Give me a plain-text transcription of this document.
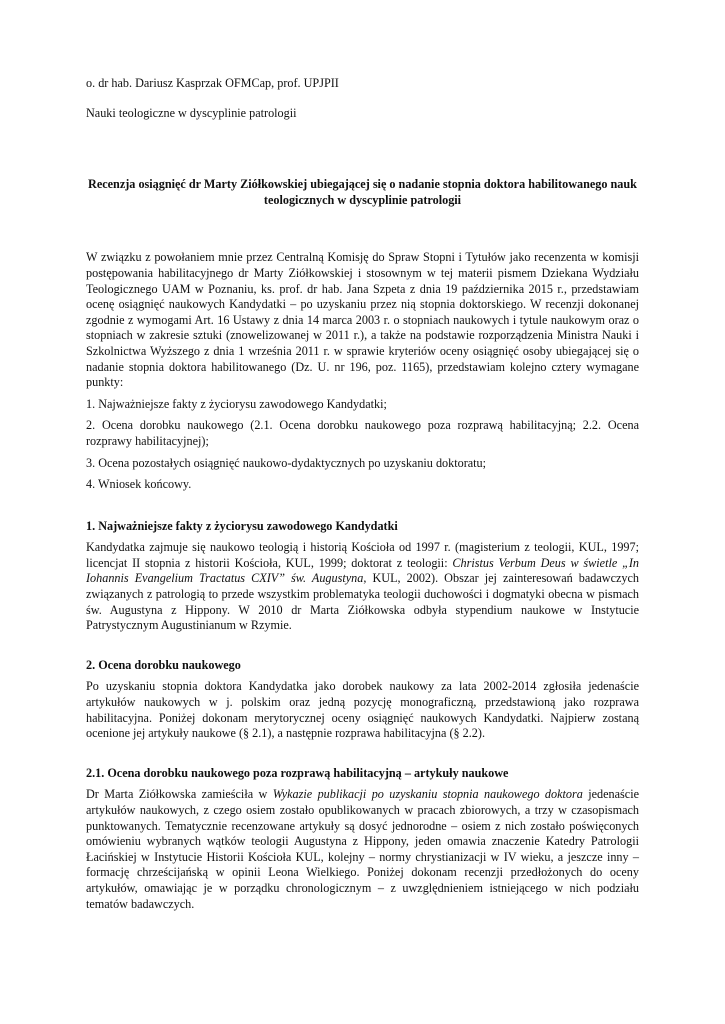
o. dr hab. Dariusz Kasprzak OFMCap, prof. UPJPII

Nauki teologiczne w dyscyplinie patrologii

Recenzja osiągnięć dr Marty Ziółkowskiej ubiegającej się o nadanie stopnia doktora habilitowanego nauk teologicznych w dyscyplinie patrologii

W związku z powołaniem mnie przez Centralną Komisję do Spraw Stopni i Tytułów jako recenzenta w komisji postępowania habilitacyjnego dr Marty Ziółkowskiej i stosownym w tej materii pismem Dziekana Wydziału Teologicznego UAM w Poznaniu, ks. prof. dr hab. Jana Szpeta z dnia 19 października 2015 r., przedstawiam ocenę osiągnięć naukowych Kandydatki – po uzyskaniu przez nią stopnia doktorskiego. W recenzji dokonanej zgodnie z wymogami Art. 16 Ustawy z dnia 14 marca 2003 r. o stopniach naukowych i tytule naukowym oraz o stopniach w zakresie sztuki (znowelizowanej w 2011 r.), a także na podstawie rozporządzenia Ministra Nauki i Szkolnictwa Wyższego z dnia 1 września 2011 r. w sprawie kryteriów oceny osiągnięć osoby ubiegającej się o nadanie stopnia doktora habilitowanego (Dz. U. nr 196, poz. 1165), przedstawiam kolejno cztery wymagane punkty:

1. Najważniejsze fakty z życiorysu zawodowego Kandydatki;

2. Ocena dorobku naukowego (2.1. Ocena dorobku naukowego poza rozprawą habilitacyjną; 2.2. Ocena rozprawy habilitacyjnej);

3. Ocena pozostałych osiągnięć naukowo-dydaktycznych po uzyskaniu doktoratu;

4. Wniosek końcowy.

1. Najważniejsze fakty z życiorysu zawodowego Kandydatki

Kandydatka zajmuje się naukowo teologią i historią Kościoła od 1997 r. (magisterium z teologii, KUL, 1997; licencjat II stopnia z historii Kościoła, KUL, 1999; doktorat z teologii: Christus Verbum Deus w świetle „In Iohannis Evangelium Tractatus CXIV” św. Augustyna, KUL, 2002). Obszar jej zainteresowań badawczych związanych z patrologią to przede wszystkim problematyka teologii duchowości i dogmatyki obecna w pismach św. Augustyna z Hippony. W 2010 dr Marta Ziółkowska odbyła stypendium naukowe w Instytucie Patrystycznym Augustinianum w Rzymie.

2. Ocena dorobku naukowego

Po uzyskaniu stopnia doktora Kandydatka jako dorobek naukowy za lata 2002-2014 zgłosiła jedenaście artykułów naukowych w j. polskim oraz jedną pozycję monograficzną, przedstawioną jako rozprawa habilitacyjna. Poniżej dokonam merytorycznej oceny osiągnięć naukowych Kandydatki. Najpierw zostaną ocenione jej artykuły naukowe (§ 2.1), a następnie rozprawa habilitacyjna (§ 2.2).

2.1. Ocena dorobku naukowego poza rozprawą habilitacyjną – artykuły naukowe

Dr Marta Ziółkowska zamieściła w Wykazie publikacji po uzyskaniu stopnia naukowego doktora jedenaście artykułów naukowych, z czego osiem zostało opublikowanych w pracach zbiorowych, a trzy w czasopismach punktowanych. Tematycznie recenzowane artykuły są dosyć jednorodne – osiem z nich zostało poświęconych omówieniu wybranych wątków teologii Augustyna z Hippony, jeden omawia znaczenie Katedry Patrologii Łacińskiej w Instytucie Historii Kościoła KUL, kolejny – normy chrystianizacji w IV wieku, a jeszcze inny – formację chrześcijańską w opinii Leona Wielkiego. Poniżej dokonam recenzji przedłożonych do oceny artykułów, omawiając je w porządku chronologicznym – z uwzględnieniem istniejącego w nich podziału tematów badawczych.
